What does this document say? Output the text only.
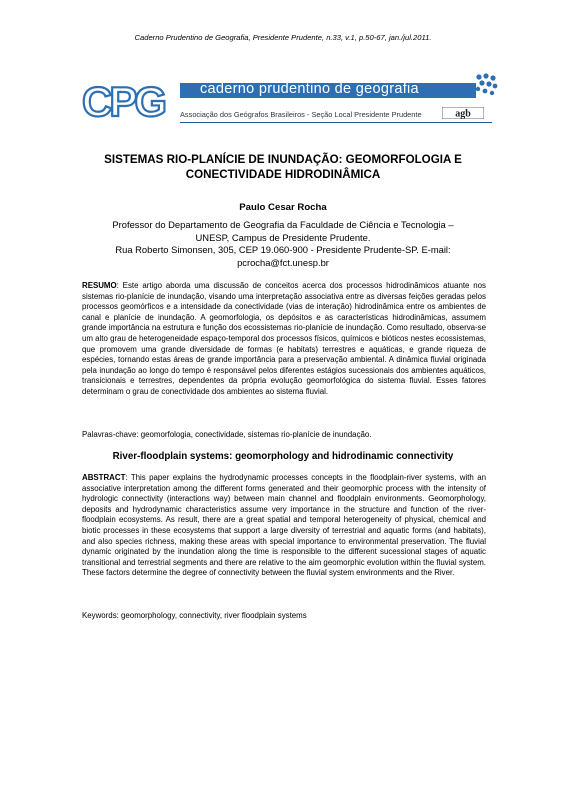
Caderno Prudentino de Geografia, Presidente Prudente, n.33, v.1, p.50-67, jan./jul.2011.
CPG caderno prudentino de geografia
Associação dos Geógrafos Brasileiros - Seção Local Presidente Prudente	agb
SISTEMAS RIO-PLANÍCIE DE INUNDAÇÃO: GEOMORFOLOGIA E
CONECTIVIDADE HIDRODINÂMICA
Paulo Cesar Rocha
Professor do Departamento de Geografia da Faculdade de Ciência e Tecnologia –
UNESP, Campus de Presidente Prudente.
Rua Roberto Simonsen, 305, CEP 19.060-900 - Presidente Prudente-SP. E-mail:
pcrocha@fct.unesp.br
RESUMO: Este artigo aborda uma discussão de conceitos acerca dos processos hidrodinâmicos atuante nos sistemas rio-planície de inundação, visando uma interpretação associativa entre as diversas feições geradas pelos processos geomórficos e a intensidade da conectividade (vias de interação) hidrodinâmica entre os ambientes de canal e planície de inundação. A geomorfologia, os depósitos e as características hidrodinâmicas, assumem grande importância na estrutura e função dos ecossistemas rio-planície de inundação. Como resultado, observa-se um alto grau de heterogeneidade espaço-temporal dos processos físicos, químicos e bióticos nestes ecossistemas, que promovem uma grande diversidade de formas (e habitats) terrestres e aquáticas, e grande riqueza de espécies, tornando estas áreas de grande importância para a preservação ambiental. A dinâmica fluvial originada pela inundação ao longo do tempo é responsável pelos diferentes estágios sucessionais dos ambientes aquáticos, transicionais e terrestres, dependentes da própria evolução geomorfológica do sistema fluvial. Esses fatores determinam o grau de conectividade dos ambientes ao sistema fluvial.
Palavras-chave: geomorfologia, conectividade, sistemas rio-planície de inundação.
River-floodplain systems: geomorphology and hidrodinamic connectivity
ABSTRACT: This paper explains the hydrodynamic processes concepts in the floodplain-river systems, with an associative interpretation among the different forms generated and their geomorphic process with the intensity of hydrologic connectivity (interactions way) between main channel and floodplain environments. Geomorphology, deposits and hydrodynamic characteristics assume very importance in the structure and function of the river-floodplain ecosystems. As result, there are a great spatial and temporal heterogeneity of physical, chemical and biotic processes in these ecosystems that support a large diversity of terrestrial and aquatic forms (and habitats), and also species richness, making these areas with special importance to environmental preservation. The fluvial dynamic originated by the inundation along the time is responsible to the different sucessional stages of aquatic transitional and terrestrial segments and there are relative to the aim geomorphic evolution within the fluvial system. These factors determine the degree of connectivity between the fluvial system environments and the River.
Keywords: geomorphology, connectivity, river floodplain systems
